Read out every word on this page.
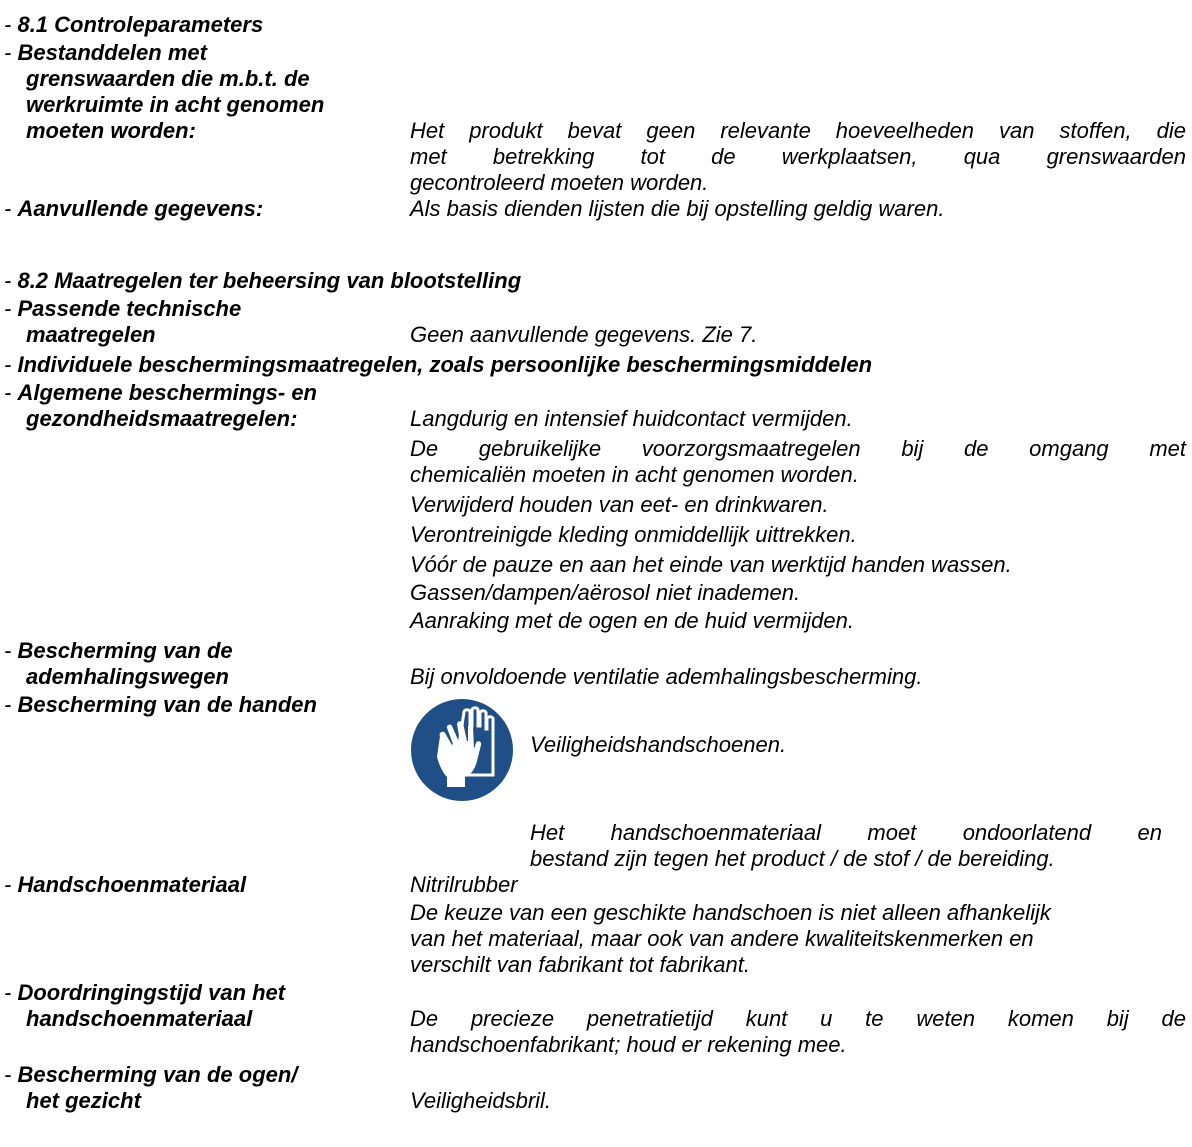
- 8.1 Controleparameters
- Bestanddelen met
grenswaarden die m.b.t. de
werkruimte in acht genomen
moeten worden:	Het produkt bevat geen relevante hoeveelheden van stoffen, die
met betrekking tot de werkplaatsen, qua grenswaarden
gecontroleerd moeten worden.
- Aanvullende gegevens:	Als basis dienden lijsten die bij opstelling geldig waren.
- 8.2 Maatregelen ter beheersing van blootstelling
- Passende technische
maatregelen	Geen aanvullende gegevens. Zie 7.
- Individuele beschermingsmaatregelen, zoals persoonlijke beschermingsmiddelen
- Algemene beschermings- en
gezondheidsmaatregelen:	Langdurig en intensief huidcontact vermijden.
De gebruikelijke voorzorgsmaatregelen bij de omgang met
chemicaliën moeten in acht genomen worden.
Verwijderd houden van eet- en drinkwaren.
Verontreinigde kleding onmiddellijk uittrekken.
Vóór de pauze en aan het einde van werktijd handen wassen.
Gassen/dampen/aërosol niet inademen.
Aanraking met de ogen en de huid vermijden.
- Bescherming van de
ademhalingswegen	Bij onvoldoende ventilatie ademhalingsbescherming.
- Bescherming van de handen
Veiligheidshandschoenen.
Het handschoenmateriaal moet ondoorlatend en
bestand zijn tegen het product / de stof / de bereiding.
- Handschoenmateriaal	Nitrilrubber
De keuze van een geschikte handschoen is niet alleen afhankelijk
van het materiaal, maar ook van andere kwaliteitskenmerken en
verschilt van fabrikant tot fabrikant.
- Doordringingstijd van het
handschoenmateriaal	De precieze penetratietijd kunt u te weten komen bij de
handschoenfabrikant; houd er rekening mee.
- Bescherming van de ogen/
het gezicht	Veiligheidsbril.
